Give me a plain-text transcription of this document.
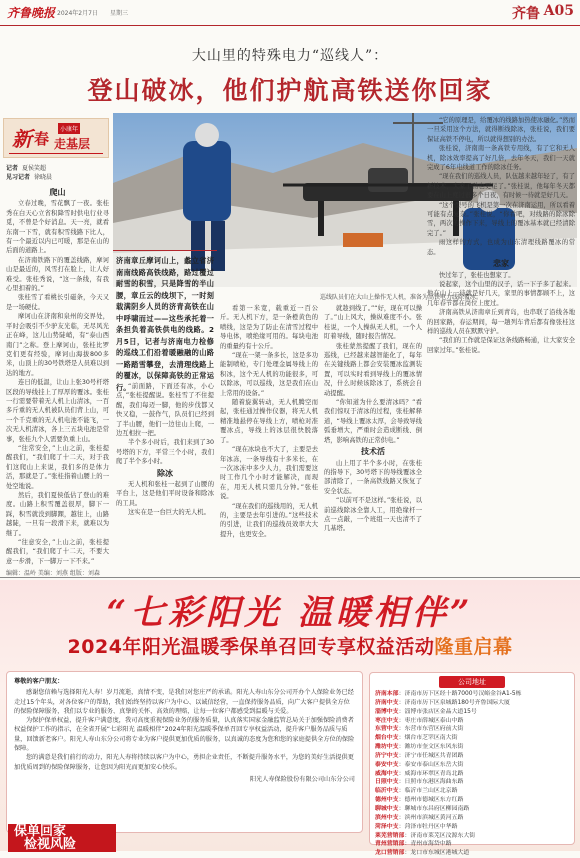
齐鲁晚报 2024年2月7日 星期三	齐鲁 A05
大山里的特殊电力“巡线人”：
登山破冰，他们护航高铁送你回家
新 春
小康年
走基层
记者 夏侯笑超
见习记者 徐晓晨
巡线队员们在大山上操作无人机，准备为高铁电力线除覆冰。
济南章丘摩诃山上，蠡立省济南南线路高铁线路，路过覆过耐雪的积雪，只是降雪的半山腰，章丘云的线坝下，一时刻载满阴乡人员的济青高铁在山中呼啸而过——这些承托着一条担负着高铁供电的线路。2月5日，记者与济南电力检修的巡线工们沿着暖融融的山路一路踏雪攀登，去清理线路上的覆冰，以保障高铁的正常运行。
爬山

立春过晚，雪花飘了一夜。张桂秀在白天心立省积降雪时供电行业寻觅，不曾是个好消息。天一亮，就看东南一下雪，就有积雪线路下比人，有一个最近以内已可暖，那是在山的后面的道路上。

在济南铁路下的覆盖线路，摩诃山是最近的，风雪打在脸上，让人好难受。张桂秀说，“这一条线，有我心里扣着的。”

张桂雪了看桃长引磁条，今天又是一场硬仗。

摩诃山在济南和泉州的交界处，平时会吸引不少驴友光临，无尽风光正在峰，这儿山势陡峭，有“泰山西南门”之称。登上摩诃山，张桂比罗克们更有经验，摩诃山海拔800多米，山顶上的30号铁塔是人员难以到达的地方。

连日的低温，让山上张30号杆塔区段的导线挂上了厚厚的覆冰。张桂一行需要带着无人机上山清冰，一百多斤重的无人机被队员们背上山，可一个千克重的无人机电池不能飞，一次无人机清冰，各上三五块电池是常事，张桂九个人需要负重上山。

“往常安全，”上山之前，张桂提醒我们，“我们爬了十二天，对于我们这爬山上来说，我们多的是体力活，那就是了。”张桂指着山腰上的一处空地说。

然后，我们夏侯低估了登山的难度。山路上积雪覆盖很厚，脚下一踩，积雪就没到脚踝，越往上，山路越陡，一旦有一段滑下来，就难以为继了。

“往意安全，”上山之前，张桂提醒我们，“我们爬了十二天，不要大意一步滑，下一脚万一下不来。”

“前面路，下面还有冰，小心点，”张桂提醒说。张桂雪了不住提醒，我们每迈一脚，他的步伐都又快又稳，一鼓作气，队员们已经到了半山腰，他们一边往山上爬，一边互相拉一把。

半个多小时后，我们来到了30号塔的下方，平常三个小时，我们爬了半个多小时。

除冰

无人机和张桂一起到了山腰的平台上，这是他们平时设备和除冰的工具。

这实在是一台巨大的无人机。

看第一米宽，载重近一百公斤。无人机下方，是一条橙黄色的喷线，这是为了防止在清雪过程中导电体，喷绝缘可用的。每块电池的重量约有十公斤。

“现在一架一条多长，这是多功能制喷枪，专门处理金属导线上的积冰，这个无人机的功能很多，可以除冰，可以巡线，这是我们在山上常用的设备。”

随着旋翼转动，无人机腾空而起，张桂通过操作仪器，将无人机精准地悬停在导线上方，喷枪对准覆冰点，导线上的冰层很快脱落了。

“现在冰块也不大了，主要是去年冰冻，一条导线有十多米长，在一次冰冻中多少人力，我们需要这时工作几个小时才能解决，而现在，用无人机只需几分钟。”张桂说。

“现在我们的巡线用的，无人机的，主要是去年引进的。”这些技术的引进，让我们的巡线员效率大大提升，也更安全。

就趁到线了。”“好，现在可以操了。”山上风大，操纵难度不小。张桂说，一个人操纵无人机，一个人盯着导线，随时报告情况。

张桂蒙然提醒了我们，现在的巡线，已经越来越智能化了，每年在关键线路上都会安装覆冰监测装置，可以实时看到导线上的覆冰情况，什么时候该除冰了，系统会自动提醒。

“你知道为什么要清冰吗？”看我们惊叹于清冰的过程，张桂解释道，“导线上覆冰太厚，会导致导线弧垂增大，严重时会造成断线、倒塔，影响高铁的正常供电。”

技术活

山上用了半个多小时，在张桂的指导下，30号塔下的导线覆冰全部清除了，一条高铁线路又恢复了安全状态。

“以前可不是这样。”张桂说，以前巡线除冰全靠人工，用绝缘杆一点一点敲，一个班组一天也清不了几基塔。

“它的原理是，给覆冰的线路加热使冰融化。”然而一旦采用这个方法，就得断线除冰，张桂说，我们要保证高铁不停电，所以就得想别的办法。

张桂说，济南南一条高铁专用线，有了它和无人机，除冰效率提高了好几倍，去年冬天，我们一天就完成了6年电线道工作的除冰任务。

“现在我们的巡线人员，队伍越来越年轻了，有了新技术，大家干劲也更足了。”张桂说，他每年冬天都要在山上度过很多个日夜，有时候一待就是好几天。

“这个型号的飞机是第一次在济南运用，所以看着可能有点复杂。”张桂说，“你看吧，对线路的除冰除雪，两次的操作下来，导线上的覆冰基本就已经清除完了。”

雨这样的方式，也成为山东清理线路覆冰的常态。

悲家

快过年了，张桂也想家了。

说起家，这个山里的汉子，话一下子多了起来。他在山上一待就是好几天，家里的事情都顾不上，这几年春节都在岗位上度过。

济南高铁从济南章丘到青岛，也串联了沿线各地的回家路，春运期间，每一趟列车背后都有像张桂这样的巡线人员在默默守护。

“我们的工作就是保证这条线路畅通，让大家安全回家过年。”张桂说。

编辑：温岭 美编：刘燕 组版：刘森
“七彩阳光 温暖相伴”
2024年阳光温暖季保单召回专享权益活动隆重启幕
尊敬的客户朋友：

感谢您信赖与选择阳光人寿！岁月流逝，真情不变，是我们对您庄严的承诺。阳光人寿山东分公司开办个人保险业务已经走过15个年头，对各位客户的帮助，我们始终坚持以客户为中心、以诚信经营，一直保持服务品质，向广大客户提供全方位的保险保障服务，我们以专业的服务、真挚的关怀、高效的理赔，让每一位客户都感受到温暖与关爱。

为保护保单权益，提升客户满意度，我司高度重视保险业务的服务质量，认真落实国家金融监管总局关于加强保险消费者权益保护工作的指示，在全省开展“七彩阳光 温暖相伴”2024年阳光温暖季保单召回专享权益活动，提升客户服务品质与质量，回馈新老客户。阳光人寿山东分公司将专业为客户提供更加优质的服务，以真诚的态度为您和您的家庭提供全方位的保险保障。

您的满意是我们前行的动力，阳光人寿将持续以客户为中心，勇担企业责任，不断提升服务水平，为您的美好生活提供更加优质周到的保险保障服务，让您因为阳光而更加安心快乐。

阳光人寿保险股份有限公司山东分公司
公司地址
济南本部：济南市历下区经十路7000号汉峪金谷A1-5栋
济南中支：济南市历下区泉城路180号齐鲁国际大厦
淄博中支：淄博市张店区金晶大道15号
枣庄中支：枣庄市薛城区泰山中路
东营中支：东营市东营区府前大街
烟台中支：烟台市芝罘区南大街
潍坊中支：潍坊市奎文区东风东街
济宁中支：济宁市任城区共青团路
泰安中支：泰安市泰山区东岳大街
威海中支：威海市环翠区青岛北路
日照中支：日照市东港区海曲东路
临沂中支：临沂市兰山区北京路
德州中支：德州市德城区东方红路
聊城中支：聊城市东昌府区柳园南路
滨州中支：滨州市滨城区黄河五路
菏泽中支：菏泽市牡丹区中华路
莱芜营销部：济南市莱芜区汶源东大街
青州营销部：青州市海岱中路
龙口营销部：龙口市东城区港城大道
保单回家
检视风险
